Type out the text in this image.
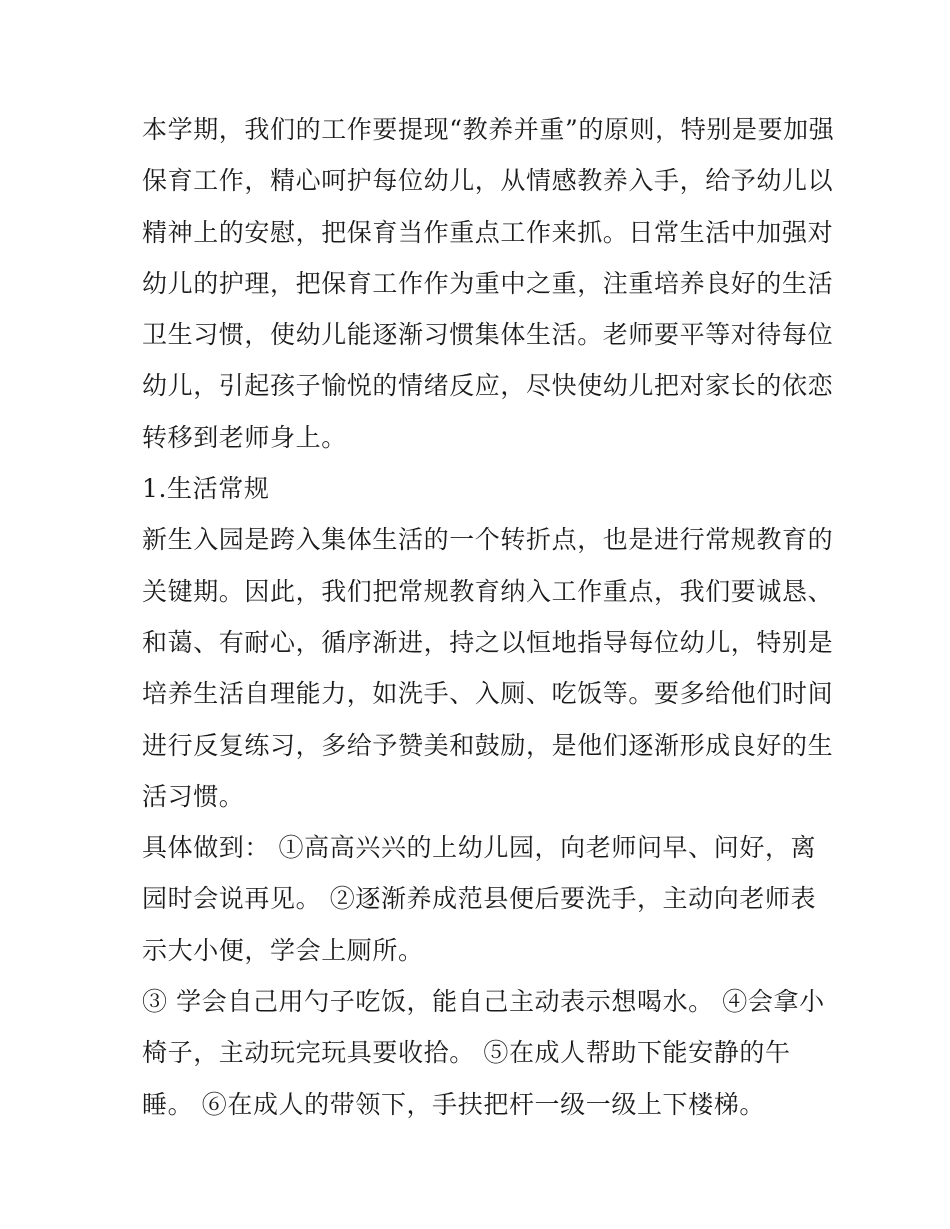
本学期，我们的工作要提现“教养并重”的原则，特别是要加强
保育工作，精心呵护每位幼儿，从情感教养入手，给予幼儿以
精神上的安慰，把保育当作重点工作来抓。日常生活中加强对
幼儿的护理，把保育工作作为重中之重，注重培养良好的生活
卫生习惯，使幼儿能逐渐习惯集体生活。老师要平等对待每位
幼儿，引起孩子愉悦的情绪反应，尽快使幼儿把对家长的依恋
转移到老师身上。
1.生活常规
新生入园是跨入集体生活的一个转折点，也是进行常规教育的
关键期。因此，我们把常规教育纳入工作重点，我们要诚恳、
和蔼、有耐心，循序渐进，持之以恒地指导每位幼儿，特别是
培养生活自理能力，如洗手、入厕、吃饭等。要多给他们时间
进行反复练习，多给予赞美和鼓励，是他们逐渐形成良好的生
活习惯。
具体做到： ①高高兴兴的上幼儿园，向老师问早、问好，离
园时会说再见。 ②逐渐养成范县便后要洗手，主动向老师表
示大小便，学会上厕所。
③ 学会自己用勺子吃饭，能自己主动表示想喝水。 ④会拿小
椅子，主动玩完玩具要收拾。 ⑤在成人帮助下能安静的午
睡。 ⑥在成人的带领下，手扶把杆一级一级上下楼梯。
